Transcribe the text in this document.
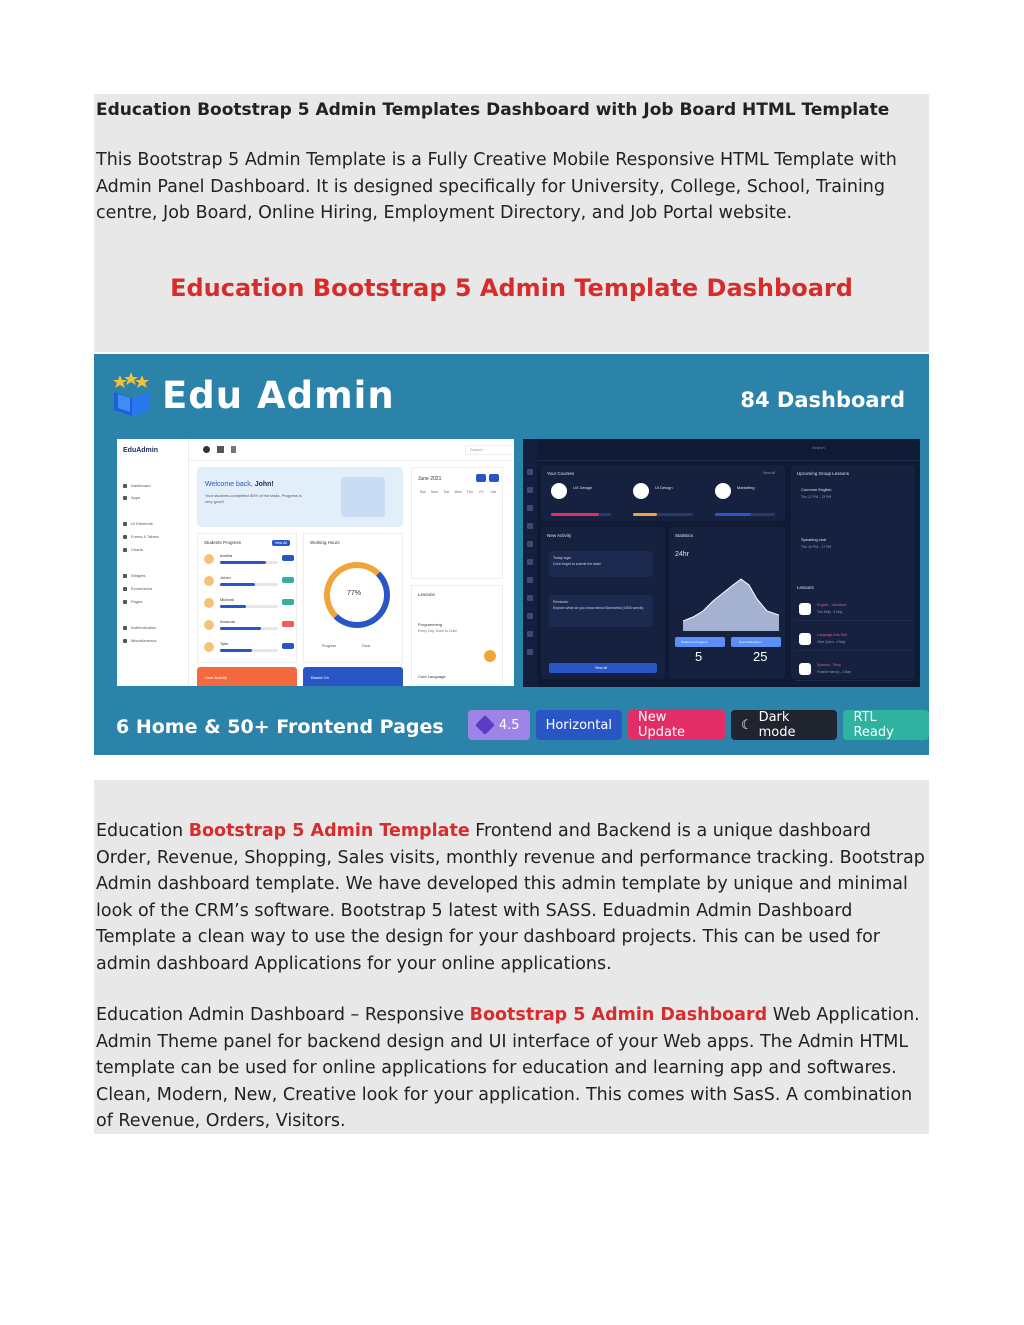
Education Bootstrap 5 Admin Templates Dashboard with Job Board HTML Template
This Bootstrap 5 Admin Template is a Fully Creative Mobile Responsive HTML Template with Admin Panel Dashboard. It is designed specifically for University, College, School, Training centre, Job Board, Online Hiring, Employment Directory, and Job Portal website.
Education Bootstrap 5 Admin Template Dashboard
Edu Admin	84 Dashboard
EduAdmin
Dashboard
Apps
UI Elements
Forms & Tables
Charts
Widgets
Ecommerce
Pages
Authentication
Miscellaneous
Search
Welcome back, John!
Your students completed 80% of the tasks. Progress is very good!
June 2021
Sun	Mon	Tue	Wed	Thu	Fri	Sat
Students Progress	View All
Amelia
Johen
Micheal
Amanda
Tyler
Working Hours
77%
Progress	Done
Lessons
Programming
Every Day 10am to 11am
Core Language
User Activity	Based On
Search
Your Courses	View All
UX Design	UI Design	Marketing
New Activity
Today login
Dont forget to submit the task!
Reminder
Explain what do you know about Biomatrial (1500 words)
View all
Statistics
24hr
Student in Progress	Team Discussion
5	25
Upcoming Group Lessons
Common English
Thu 12 PM - 13 PM
Speaking club
Thu 16 PM - 17 PM
Lessons
English - Literature
Tom Kelly - 4 May
Language Arts Test
Olive Quinn - 4 May
Spanish - Story
Franklin Harvey - 2 May
6 Home & 50+ Frontend Pages	4.5	Horizontal	New Update	☾ Dark mode
RTL Ready
Education Bootstrap 5 Admin Template Frontend and Backend is a unique dashboard Order, Revenue, Shopping, Sales visits, monthly revenue and performance tracking. Bootstrap Admin dashboard template. We have developed this admin template by unique and minimal look of the CRM’s software. Bootstrap 5 latest with SASS. Eduadmin Admin Dashboard Template a clean way to use the design for your dashboard projects. This can be used for admin dashboard Applications for your online applications.
Education Admin Dashboard – Responsive Bootstrap 5 Admin Dashboard Web Application. Admin Theme panel for backend design and UI interface of your Web apps. The Admin HTML template can be used for online applications for education and learning app and softwares. Clean, Modern, New, Creative look for your application. This comes with SasS. A combination of Revenue, Orders, Visitors.
